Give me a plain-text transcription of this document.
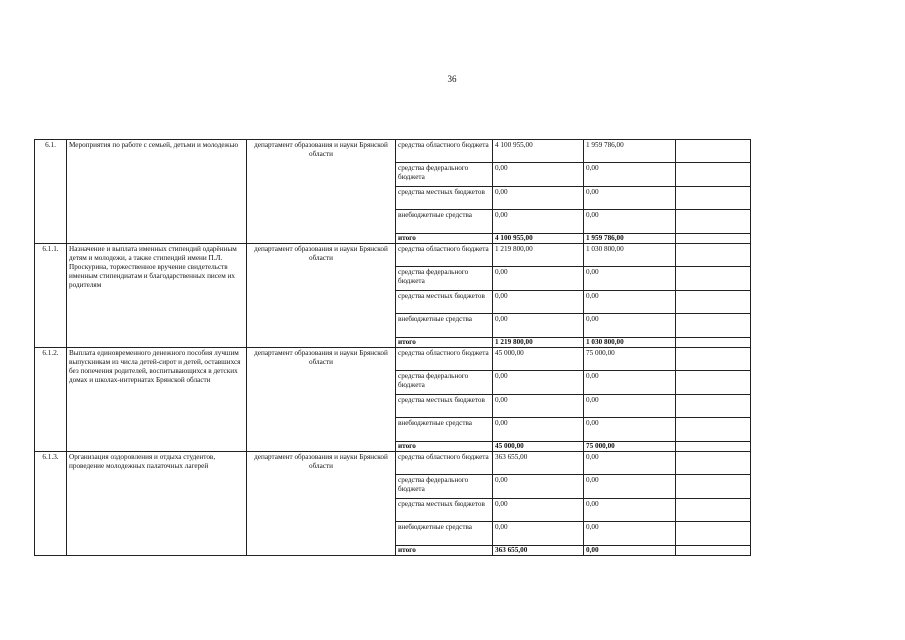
36
6.1.	Мероприятия по работе с семьей, детьми и молодежью	департамент образования и науки Брянской области	средства областного бюджета	4 100 955,00	1 959 786,00	
			средства федерального бюджета	0,00	0,00	
			средства местных бюджетов	0,00	0,00	
			внебюджетные средства	0,00	0,00	
			итого	4 100 955,00	1 959 786,00	
6.1.1.	Назначение и выплата именных стипендий одарённым детям и молодежи, а также стипендий имени П.Л. Проскурина, торжественное вручение свидетельств именным стипендиатам и благодарственных писем их родителям	департамент образования и науки Брянской области	средства областного бюджета	1 219 800,00	1 030 800,00	
			средства федерального бюджета	0,00	0,00	
			средства местных бюджетов	0,00	0,00	
			внебюджетные средства	0,00	0,00	
			итого	1 219 800,00	1 030 800,00	
6.1.2.	Выплата единовременного денежного пособия лучшим выпускникам из числа детей-сирот и детей, оставшихся без попечения родителей, воспитывающихся в детских домах и школах-интернатах Брянской области	департамент образования и науки Брянской области	средства областного бюджета	45 000,00	75 000,00	
			средства федерального бюджета	0,00	0,00	
			средства местных бюджетов	0,00	0,00	
			внебюджетные средства	0,00	0,00	
			итого	45 000,00	75 000,00	
6.1.3.	Организация оздоровления и отдыха студентов, проведение молодежных палаточных лагерей	департамент образования и науки Брянской области	средства областного бюджета	363 655,00	0,00	
			средства федерального бюджета	0,00	0,00	
			средства местных бюджетов	0,00	0,00	
			внебюджетные средства	0,00	0,00	
			итого	363 655,00	0,00	
